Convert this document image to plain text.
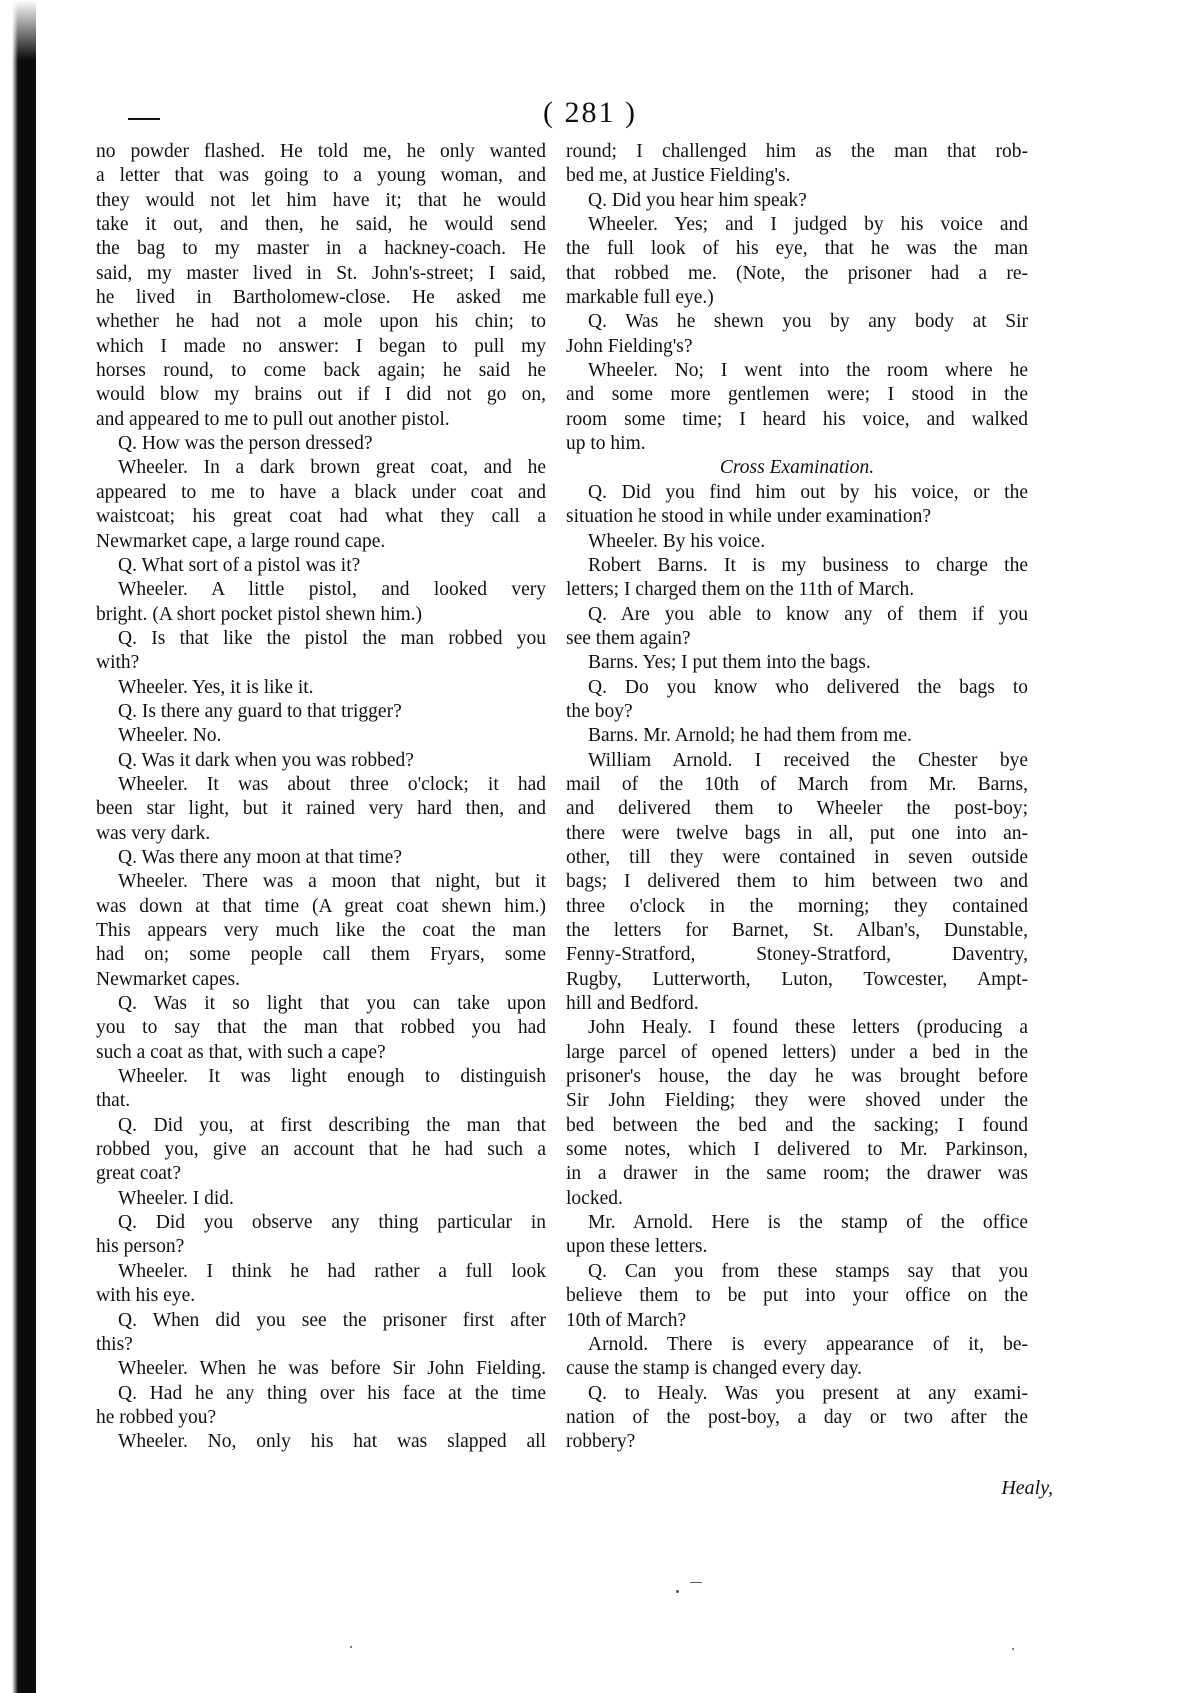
( 281 )
no powder flashed. He told me, he only wanted
a letter that was going to a young woman, and
they would not let him have it; that he would
take it out, and then, he said, he would send
the bag to my master in a hackney-coach. He
said, my master lived in St. John's-street; I said,
he lived in Bartholomew-close. He asked me
whether he had not a mole upon his chin; to
which I made no answer: I began to pull my
horses round, to come back again; he said he
would blow my brains out if I did not go on,
and appeared to me to pull out another pistol.
Q. How was the person dressed?
Wheeler. In a dark brown great coat, and he
appeared to me to have a black under coat and
waistcoat; his great coat had what they call a
Newmarket cape, a large round cape.
Q. What sort of a pistol was it?
Wheeler. A little pistol, and looked very
bright. (A short pocket pistol shewn him.)
Q. Is that like the pistol the man robbed you
with?
Wheeler. Yes, it is like it.
Q. Is there any guard to that trigger?
Wheeler. No.
Q. Was it dark when you was robbed?
Wheeler. It was about three o'clock; it had
been star light, but it rained very hard then, and
was very dark.
Q. Was there any moon at that time?
Wheeler. There was a moon that night, but it
was down at that time (A great coat shewn him.)
This appears very much like the coat the man
had on; some people call them Fryars, some
Newmarket capes.
Q. Was it so light that you can take upon
you to say that the man that robbed you had
such a coat as that, with such a cape?
Wheeler. It was light enough to distinguish
that.
Q. Did you, at first describing the man that
robbed you, give an account that he had such a
great coat?
Wheeler. I did.
Q. Did you observe any thing particular in
his person?
Wheeler. I think he had rather a full look
with his eye.
Q. When did you see the prisoner first after
this?
Wheeler. When he was before Sir John Fielding.
Q. Had he any thing over his face at the time
he robbed you?
Wheeler. No, only his hat was slapped all
round; I challenged him as the man that rob-
bed me, at Justice Fielding's.
Q. Did you hear him speak?
Wheeler. Yes; and I judged by his voice and
the full look of his eye, that he was the man
that robbed me. (Note, the prisoner had a re-
markable full eye.)
Q. Was he shewn you by any body at Sir
John Fielding's?
Wheeler. No; I went into the room where he
and some more gentlemen were; I stood in the
room some time; I heard his voice, and walked
up to him.
Cross Examination.
Q. Did you find him out by his voice, or the
situation he stood in while under examination?
Wheeler. By his voice.
Robert Barns. It is my business to charge the
letters; I charged them on the 11th of March.
Q. Are you able to know any of them if you
see them again?
Barns. Yes; I put them into the bags.
Q. Do you know who delivered the bags to
the boy?
Barns. Mr. Arnold; he had them from me.
William Arnold. I received the Chester bye
mail of the 10th of March from Mr. Barns,
and delivered them to Wheeler the post-boy;
there were twelve bags in all, put one into an-
other, till they were contained in seven outside
bags; I delivered them to him between two and
three o'clock in the morning; they contained
the letters for Barnet, St. Alban's, Dunstable,
Fenny-Stratford, Stoney-Stratford, Daventry,
Rugby, Lutterworth, Luton, Towcester, Ampt-
hill and Bedford.
John Healy. I found these letters (producing a
large parcel of opened letters) under a bed in the
prisoner's house, the day he was brought before
Sir John Fielding; they were shoved under the
bed between the bed and the sacking; I found
some notes, which I delivered to Mr. Parkinson,
in a drawer in the same room; the drawer was
locked.
Mr. Arnold. Here is the stamp of the office
upon these letters.
Q. Can you from these stamps say that you
believe them to be put into your office on the
10th of March?
Arnold. There is every appearance of it, be-
cause the stamp is changed every day.
Q. to Healy. Was you present at any exami-
nation of the post-boy, a day or two after the
robbery?
Healy,
